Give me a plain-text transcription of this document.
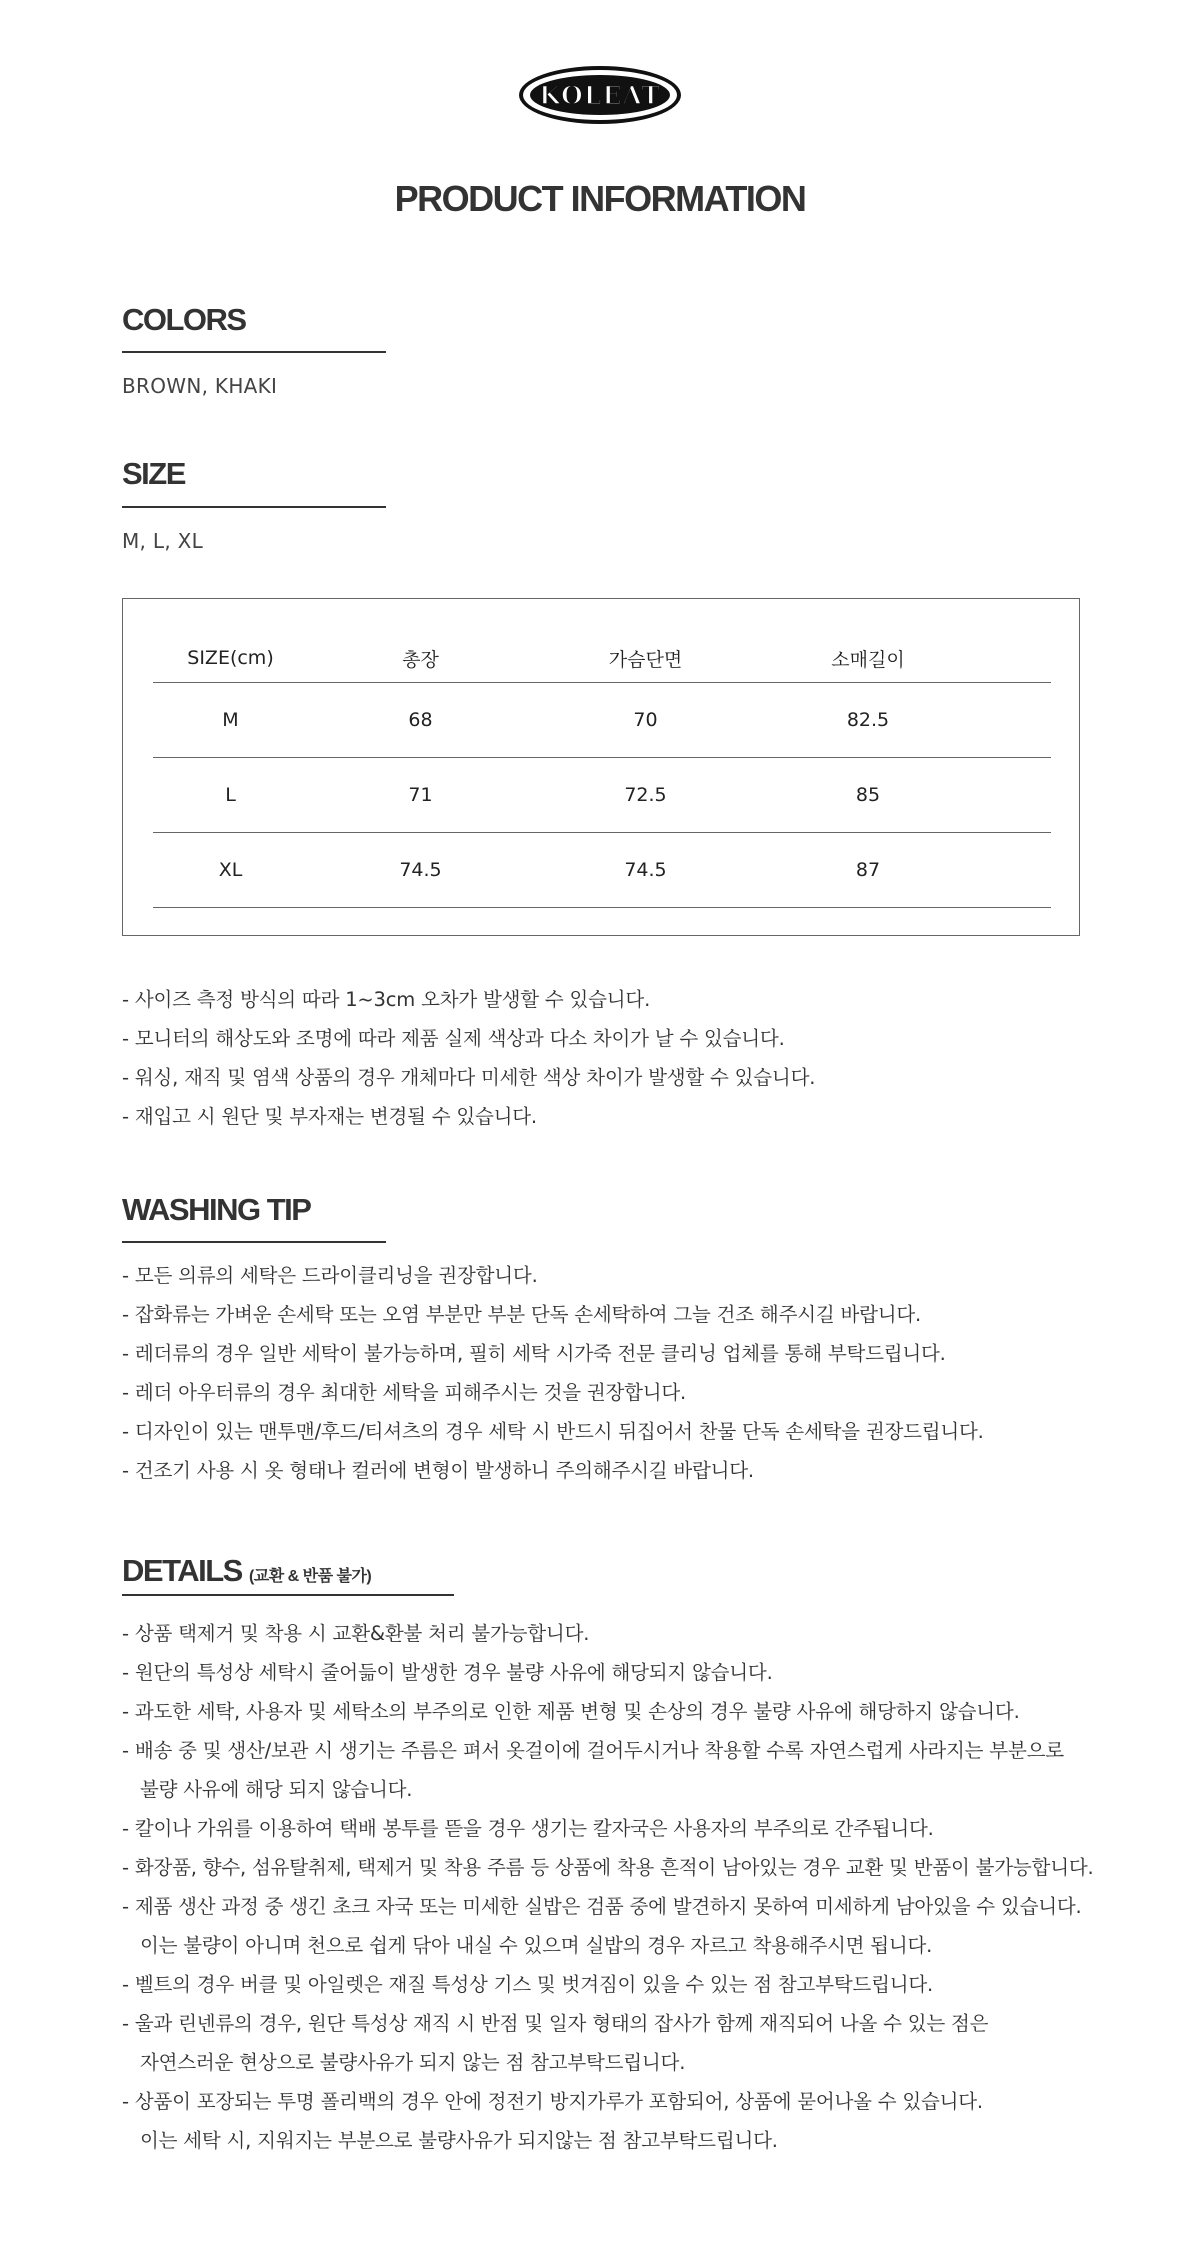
KOLEAT
PRODUCT INFORMATION
COLORS
BROWN, KHAKI
SIZE
M, L, XL
SIZE(cm)	총장	가슴단면	소매길이	
M	68	70	82.5	
L	71	72.5	85	
XL	74.5	74.5	87	
- 사이즈 측정 방식의 따라 1~3cm 오차가 발생할 수 있습니다.
- 모니터의 해상도와 조명에 따라 제품 실제 색상과 다소 차이가 날 수 있습니다.
- 워싱, 재직 및 염색 상품의 경우 개체마다 미세한 색상 차이가 발생할 수 있습니다.
- 재입고 시 원단 및 부자재는 변경될 수 있습니다.
WASHING TIP
- 모든 의류의 세탁은 드라이클리닝을 권장합니다.
- 잡화류는 가벼운 손세탁 또는 오염 부분만 부분 단독 손세탁하여 그늘 건조 해주시길 바랍니다.
- 레더류의 경우 일반 세탁이 불가능하며, 필히 세탁 시가죽 전문 클리닝 업체를 통해 부탁드립니다.
- 레더 아우터류의 경우 최대한 세탁을 피해주시는 것을 권장합니다.
- 디자인이 있는 맨투맨/후드/티셔츠의 경우 세탁 시 반드시 뒤집어서 찬물 단독 손세탁을 권장드립니다.
- 건조기 사용 시 옷 형태나 컬러에 변형이 발생하니 주의해주시길 바랍니다.
DETAILS (교환 & 반품 불가)
- 상품 택제거 및 착용 시 교환&환불 처리 불가능합니다.
- 원단의 특성상 세탁시 줄어듦이 발생한 경우 불량 사유에 해당되지 않습니다.
- 과도한 세탁, 사용자 및 세탁소의 부주의로 인한 제품 변형 및 손상의 경우 불량 사유에 해당하지 않습니다.
- 배송 중 및 생산/보관 시 생기는 주름은 펴서 옷걸이에 걸어두시거나 착용할 수록 자연스럽게 사라지는 부분으로
불량 사유에 해당 되지 않습니다.
- 칼이나 가위를 이용하여 택배 봉투를 뜯을 경우 생기는 칼자국은 사용자의 부주의로 간주됩니다.
- 화장품, 향수, 섬유탈취제, 택제거 및 착용 주름 등 상품에 착용 흔적이 남아있는 경우 교환 및 반품이 불가능합니다.
- 제품 생산 과정 중 생긴 초크 자국 또는 미세한 실밥은 검품 중에 발견하지 못하여 미세하게 남아있을 수 있습니다.
이는 불량이 아니며 천으로 쉽게 닦아 내실 수 있으며 실밥의 경우 자르고 착용해주시면 됩니다.
- 벨트의 경우 버클 및 아일렛은 재질 특성상 기스 및 벗겨짐이 있을 수 있는 점 참고부탁드립니다.
- 울과 린넨류의 경우, 원단 특성상 재직 시 반점 및 일자 형태의 잡사가 함께 재직되어 나올 수 있는 점은
자연스러운 현상으로 불량사유가 되지 않는 점 참고부탁드립니다.
- 상품이 포장되는 투명 폴리백의 경우 안에 정전기 방지가루가 포함되어, 상품에 묻어나올 수 있습니다.
이는 세탁 시, 지워지는 부분으로 불량사유가 되지않는 점 참고부탁드립니다.
